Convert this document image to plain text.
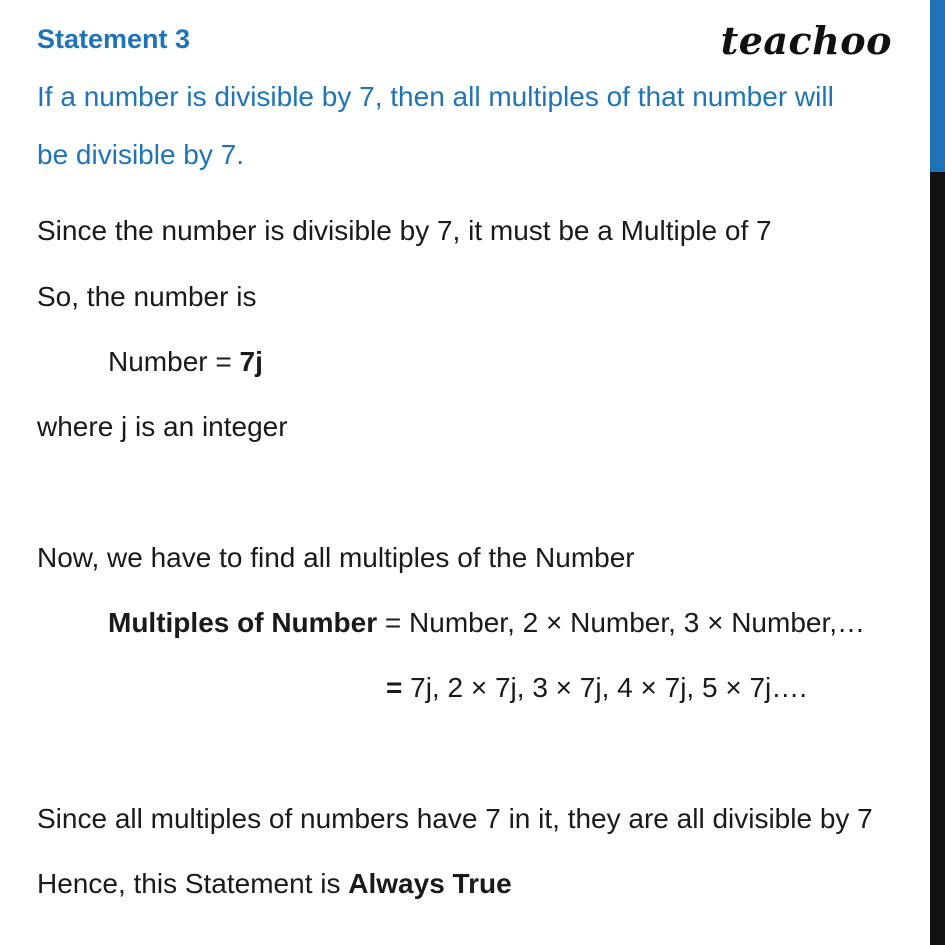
teachoo
Statement 3
If a number is divisible by 7, then all multiples of that number will
be divisible by 7.
Since the number is divisible by 7, it must be a Multiple of 7
So, the number is
Number = 7j
where j is an integer
Now, we have to find all multiples of the Number
Multiples of Number = Number, 2 × Number, 3 × Number,…
= 7j, 2 × 7j, 3 × 7j, 4 × 7j, 5 × 7j….
Since all multiples of numbers have 7 in it, they are all divisible by 7
Hence, this Statement is Always True
